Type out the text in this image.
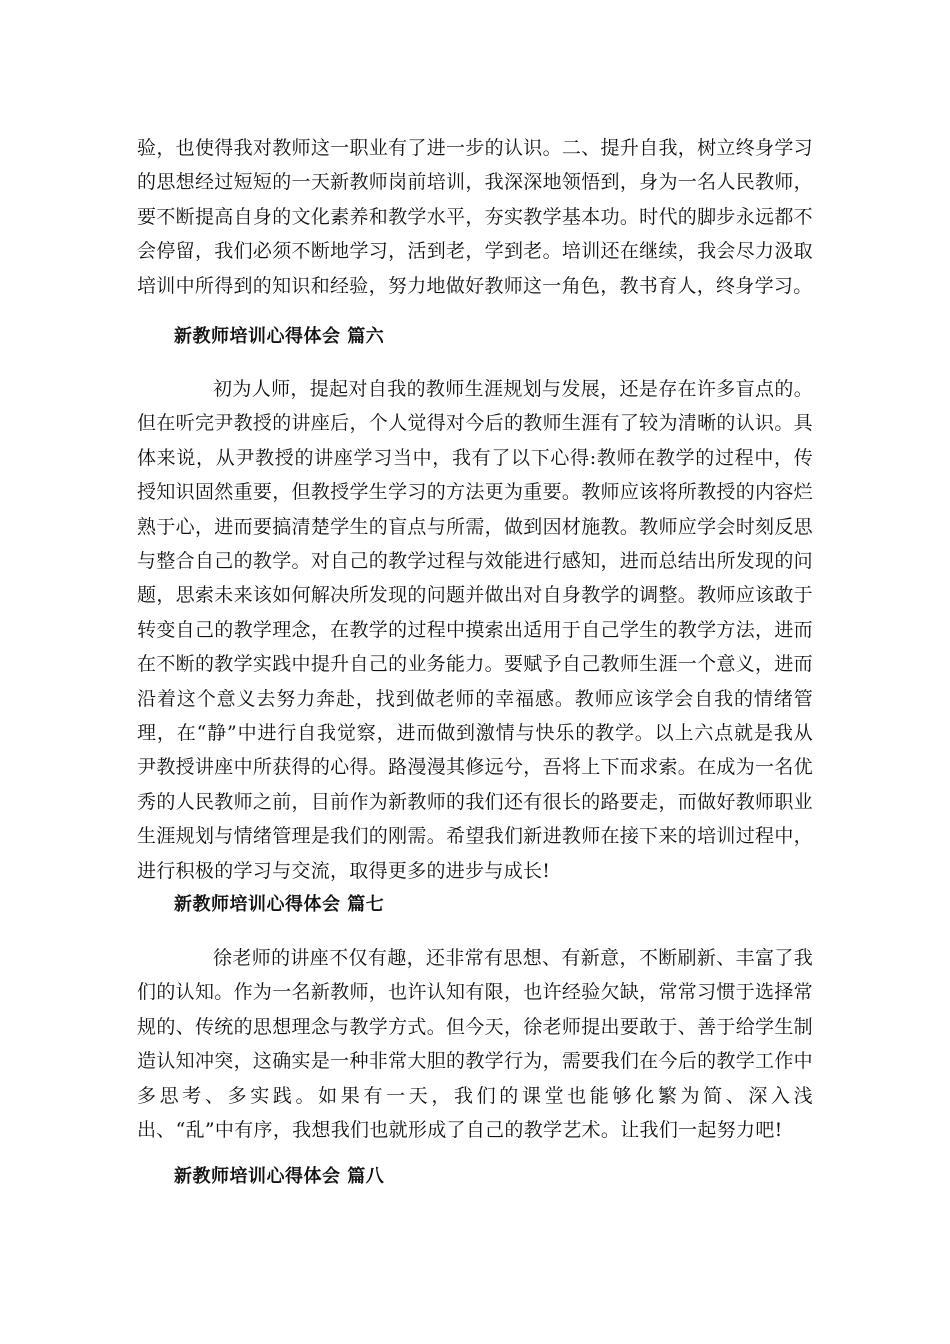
验，也使得我对教师这一职业有了进一步的认识。二、提升自我，树立终身学习的思想经过短短的一天新教师岗前培训，我深深地领悟到，身为一名人民教师，要不断提高自身的文化素养和教学水平，夯实教学基本功。时代的脚步永远都不会停留，我们必须不断地学习，活到老，学到老。培训还在继续，我会尽力汲取培训中所得到的知识和经验，努力地做好教师这一角色，教书育人，终身学习。

新教师培训心得体会 篇六

初为人师，提起对自我的教师生涯规划与发展，还是存在许多盲点的。但在听完尹教授的讲座后，个人觉得对今后的教师生涯有了较为清晰的认识。具体来说，从尹教授的讲座学习当中，我有了以下心得:教师在教学的过程中，传授知识固然重要，但教授学生学习的方法更为重要。教师应该将所教授的内容烂熟于心，进而要搞清楚学生的盲点与所需，做到因材施教。教师应学会时刻反思与整合自己的教学。对自己的教学过程与效能进行感知，进而总结出所发现的问题，思索未来该如何解决所发现的问题并做出对自身教学的调整。教师应该敢于转变自己的教学理念，在教学的过程中摸索出适用于自己学生的教学方法，进而在不断的教学实践中提升自己的业务能力。要赋予自己教师生涯一个意义，进而沿着这个意义去努力奔赴，找到做老师的幸福感。教师应该学会自我的情绪管理，在“静”中进行自我觉察，进而做到激情与快乐的教学。以上六点就是我从尹教授讲座中所获得的心得。路漫漫其修远兮，吾将上下而求索。在成为一名优秀的人民教师之前，目前作为新教师的我们还有很长的路要走，而做好教师职业生涯规划与情绪管理是我们的刚需。希望我们新进教师在接下来的培训过程中，进行积极的学习与交流，取得更多的进步与成长!

新教师培训心得体会 篇七

徐老师的讲座不仅有趣，还非常有思想、有新意，不断刷新、丰富了我们的认知。作为一名新教师，也许认知有限，也许经验欠缺，常常习惯于选择常规的、传统的思想理念与教学方式。但今天，徐老师提出要敢于、善于给学生制造认知冲突，这确实是一种非常大胆的教学行为，需要我们在今后的教学工作中多思考、多实践。如果有一天，我们的课堂也能够化繁为简、深入浅出、“乱”中有序，我想我们也就形成了自己的教学艺术。让我们一起努力吧!

新教师培训心得体会 篇八
